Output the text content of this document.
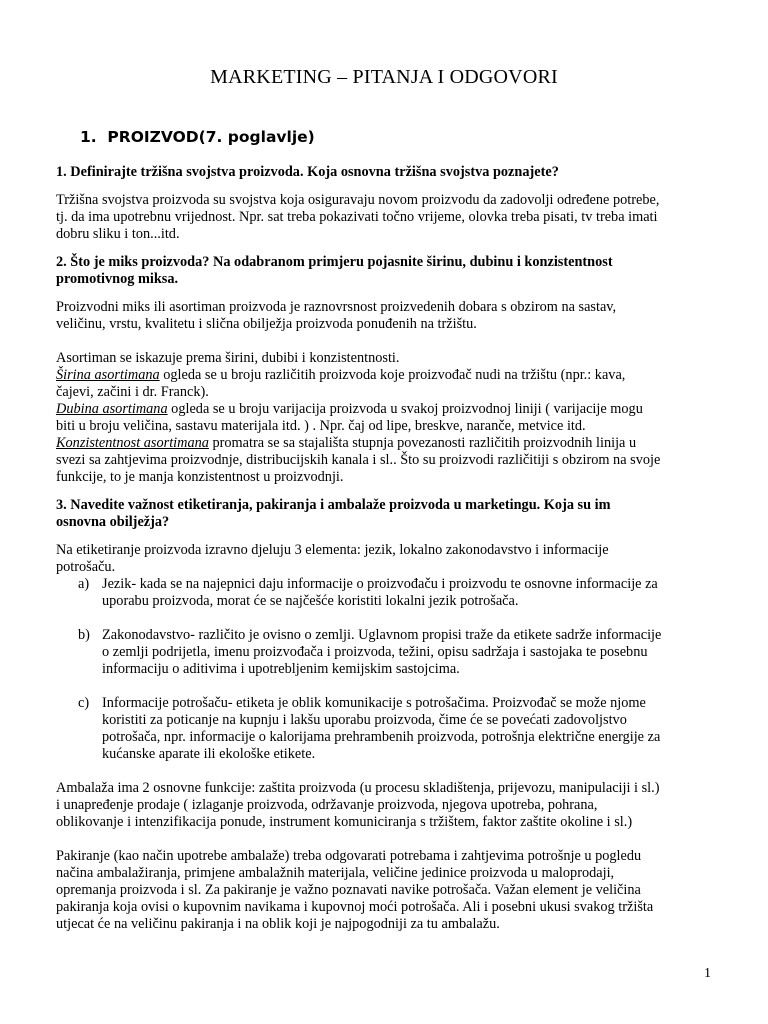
MARKETING – PITANJA I ODGOVORI
1. PROIZVOD(7. poglavlje)
1. Definirajte tržišna svojstva proizvoda. Koja osnovna tržišna svojstva poznajete?
Tržišna svojstva proizvoda su svojstva koja osiguravaju novom proizvodu da zadovolji određene potrebe,
tj. da ima upotrebnu vrijednost. Npr. sat treba pokazivati točno vrijeme, olovka treba pisati, tv treba imati
dobru sliku i ton...itd.
2. Što je miks proizvoda? Na odabranom primjeru pojasnite širinu, dubinu i konzistentnost
promotivnog miksa.
Proizvodni miks ili asortiman proizvoda je raznovrsnost proizvedenih dobara s obzirom na sastav,
veličinu, vrstu, kvalitetu i slična obilježja proizvoda ponuđenih na tržištu.
Asortiman se iskazuje prema širini, dubibi i konzistentnosti.
Širina asortimana ogleda se u broju različitih proizvoda koje proizvođač nudi na tržištu (npr.: kava,
čajevi, začini i dr. Franck).
Dubina asortimana ogleda se u broju varijacija proizvoda u svakoj proizvodnoj liniji ( varijacije mogu
biti u broju veličina, sastavu materijala itd. ) . Npr. čaj od lipe, breskve, naranče, metvice itd.
Konzistentnost asortimana promatra se sa stajališta stupnja povezanosti različitih proizvodnih linija u
svezi sa zahtjevima proizvodnje, distribucijskih kanala i sl.. Što su proizvodi različitiji s obzirom na svoje
funkcije, to je manja konzistentnost u proizvodnji.
3. Navedite važnost etiketiranja, pakiranja i ambalaže proizvoda u marketingu. Koja su im
osnovna obilježja?
Na etiketiranje proizvoda izravno djeluju 3 elementa: jezik, lokalno zakonodavstvo i informacije
potrošaču.
a) Jezik- kada se na najepnici daju informacije o proizvođaču i proizvodu te osnovne informacije za
uporabu proizvoda, morat će se najčešće koristiti lokalni jezik potrošača.
b) Zakonodavstvo- različito je ovisno o zemlji. Uglavnom propisi traže da etikete sadrže informacije
o zemlji podrijetla, imenu proizvođača i proizvoda, težini, opisu sadržaja i sastojaka te posebnu
informaciju o aditivima i upotrebljenim kemijskim sastojcima.
c) Informacije potrošaču- etiketa je oblik komunikacije s potrošačima. Proizvođač se može njome
koristiti za poticanje na kupnju i lakšu uporabu proizvoda, čime će se povećati zadovoljstvo
potrošača, npr. informacije o kalorijama prehrambenih proizvoda, potrošnja električne energije za
kućanske aparate ili ekološke etikete.
Ambalaža ima 2 osnovne funkcije: zaštita proizvoda (u procesu skladištenja, prijevozu, manipulaciji i sl.)
i unapređenje prodaje ( izlaganje proizvoda, održavanje proizvoda, njegova upotreba, pohrana,
oblikovanje i intenzifikacija ponude, instrument komuniciranja s tržištem, faktor zaštite okoline i sl.)
Pakiranje (kao način upotrebe ambalaže) treba odgovarati potrebama i zahtjevima potrošnje u pogledu
načina ambalažiranja, primjene ambalažnih materijala, veličine jedinice proizvoda u maloprodaji,
opremanja proizvoda i sl. Za pakiranje je važno poznavati navike potrošača. Važan element je veličina
pakiranja koja ovisi o kupovnim navikama i kupovnoj moći potrošača. Ali i posebni ukusi svakog tržišta
utjecat će na veličinu pakiranja i na oblik koji je najpogodniji za tu ambalažu.
1
